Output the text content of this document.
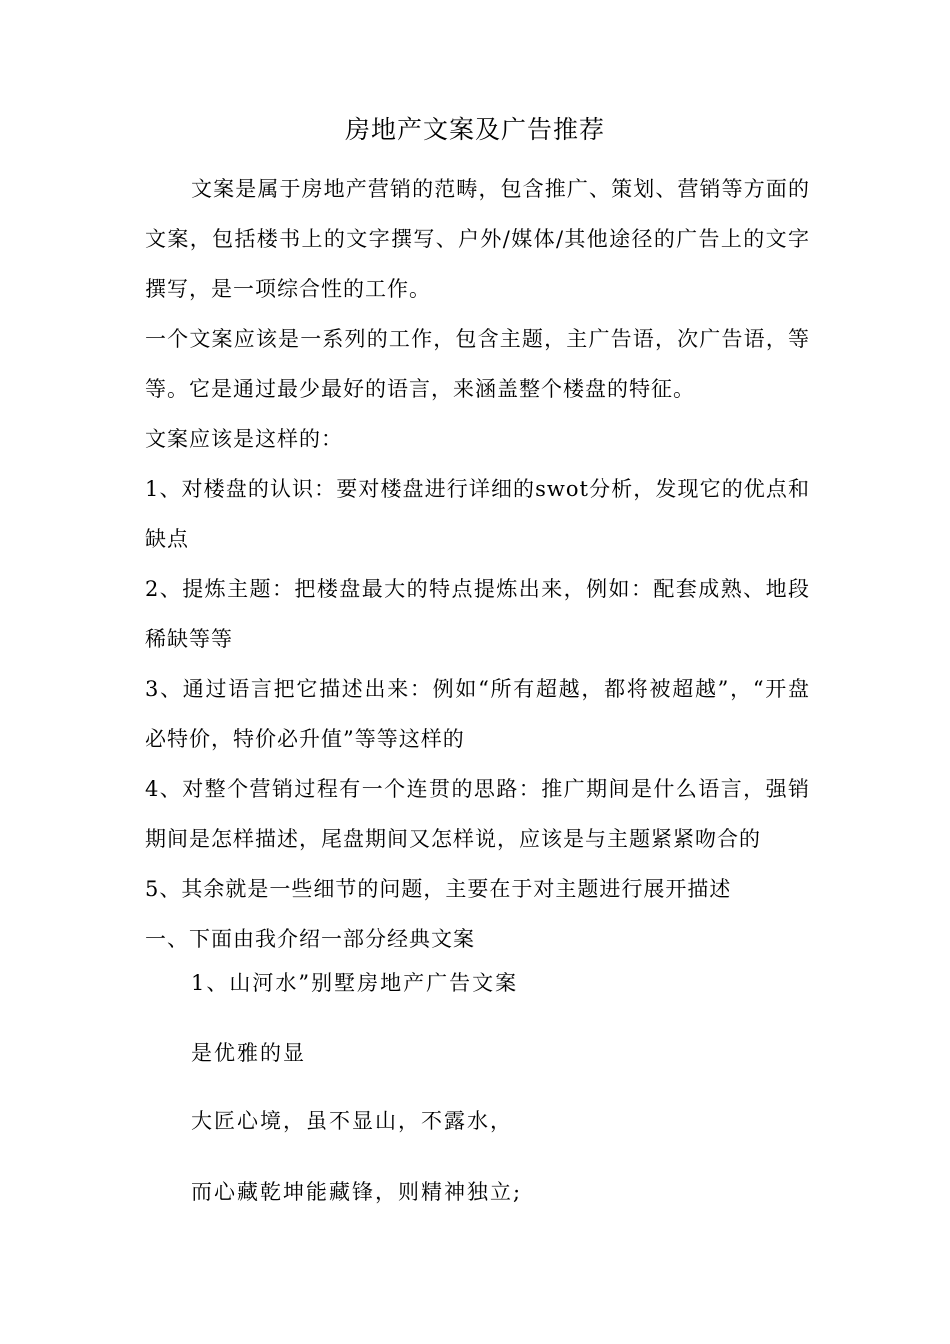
房地产文案及广告推荐

文案是属于房地产营销的范畴，包含推广、策划、营销等方面的文案，包括楼书上的文字撰写、户外/媒体/其他途径的广告上的文字撰写，是一项综合性的工作。

一个文案应该是一系列的工作，包含主题，主广告语，次广告语，等等。它是通过最少最好的语言，来涵盖整个楼盘的特征。

文案应该是这样的：

1、对楼盘的认识：要对楼盘进行详细的swot分析，发现它的优点和缺点

2、提炼主题：把楼盘最大的特点提炼出来，例如：配套成熟、地段稀缺等等

3、通过语言把它描述出来：例如“所有超越，都将被超越”，“开盘必特价，特价必升值”等等这样的

4、对整个营销过程有一个连贯的思路：推广期间是什么语言，强销期间是怎样描述，尾盘期间又怎样说，应该是与主题紧紧吻合的

5、其余就是一些细节的问题，主要在于对主题进行展开描述

一、下面由我介绍一部分经典文案

1、山河水”别墅房地产广告文案
是优雅的显
大匠心境，虽不显山，不露水，
而心藏乾坤能藏锋，则精神独立;
